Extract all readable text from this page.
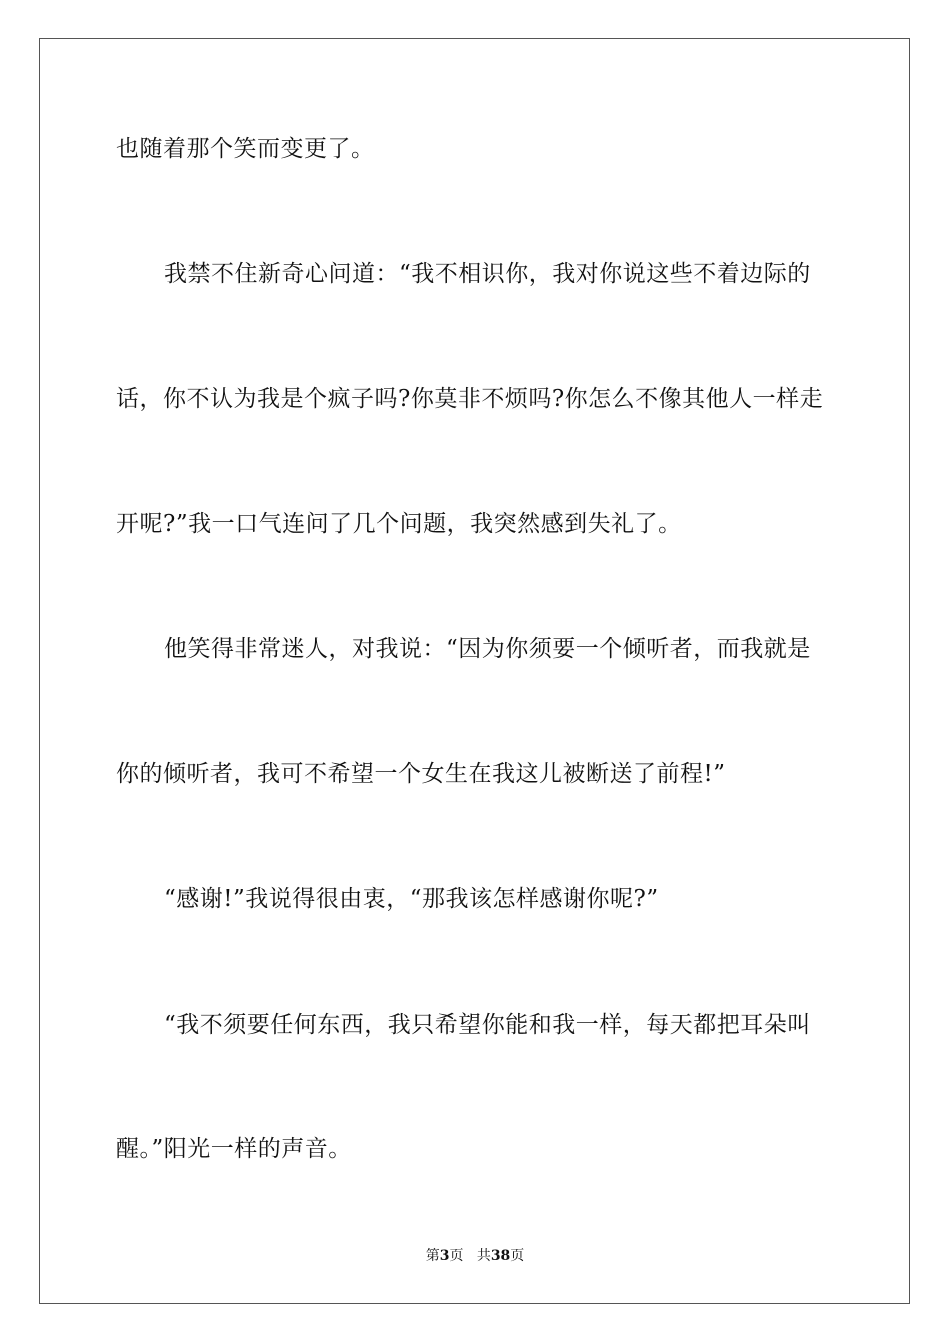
也随着那个笑而变更了。
我禁不住新奇心问道：“我不相识你，我对你说这些不着边际的
话，你不认为我是个疯子吗?你莫非不烦吗?你怎么不像其他人一样走
开呢?”我一口气连问了几个问题，我突然感到失礼了。
他笑得非常迷人，对我说：“因为你须要一个倾听者，而我就是
你的倾听者，我可不希望一个女生在我这儿被断送了前程!”
“感谢!”我说得很由衷，“那我该怎样感谢你呢?”
“我不须要任何东西，我只希望你能和我一样，每天都把耳朵叫
醒。”阳光一样的声音。
第3页 共38页
